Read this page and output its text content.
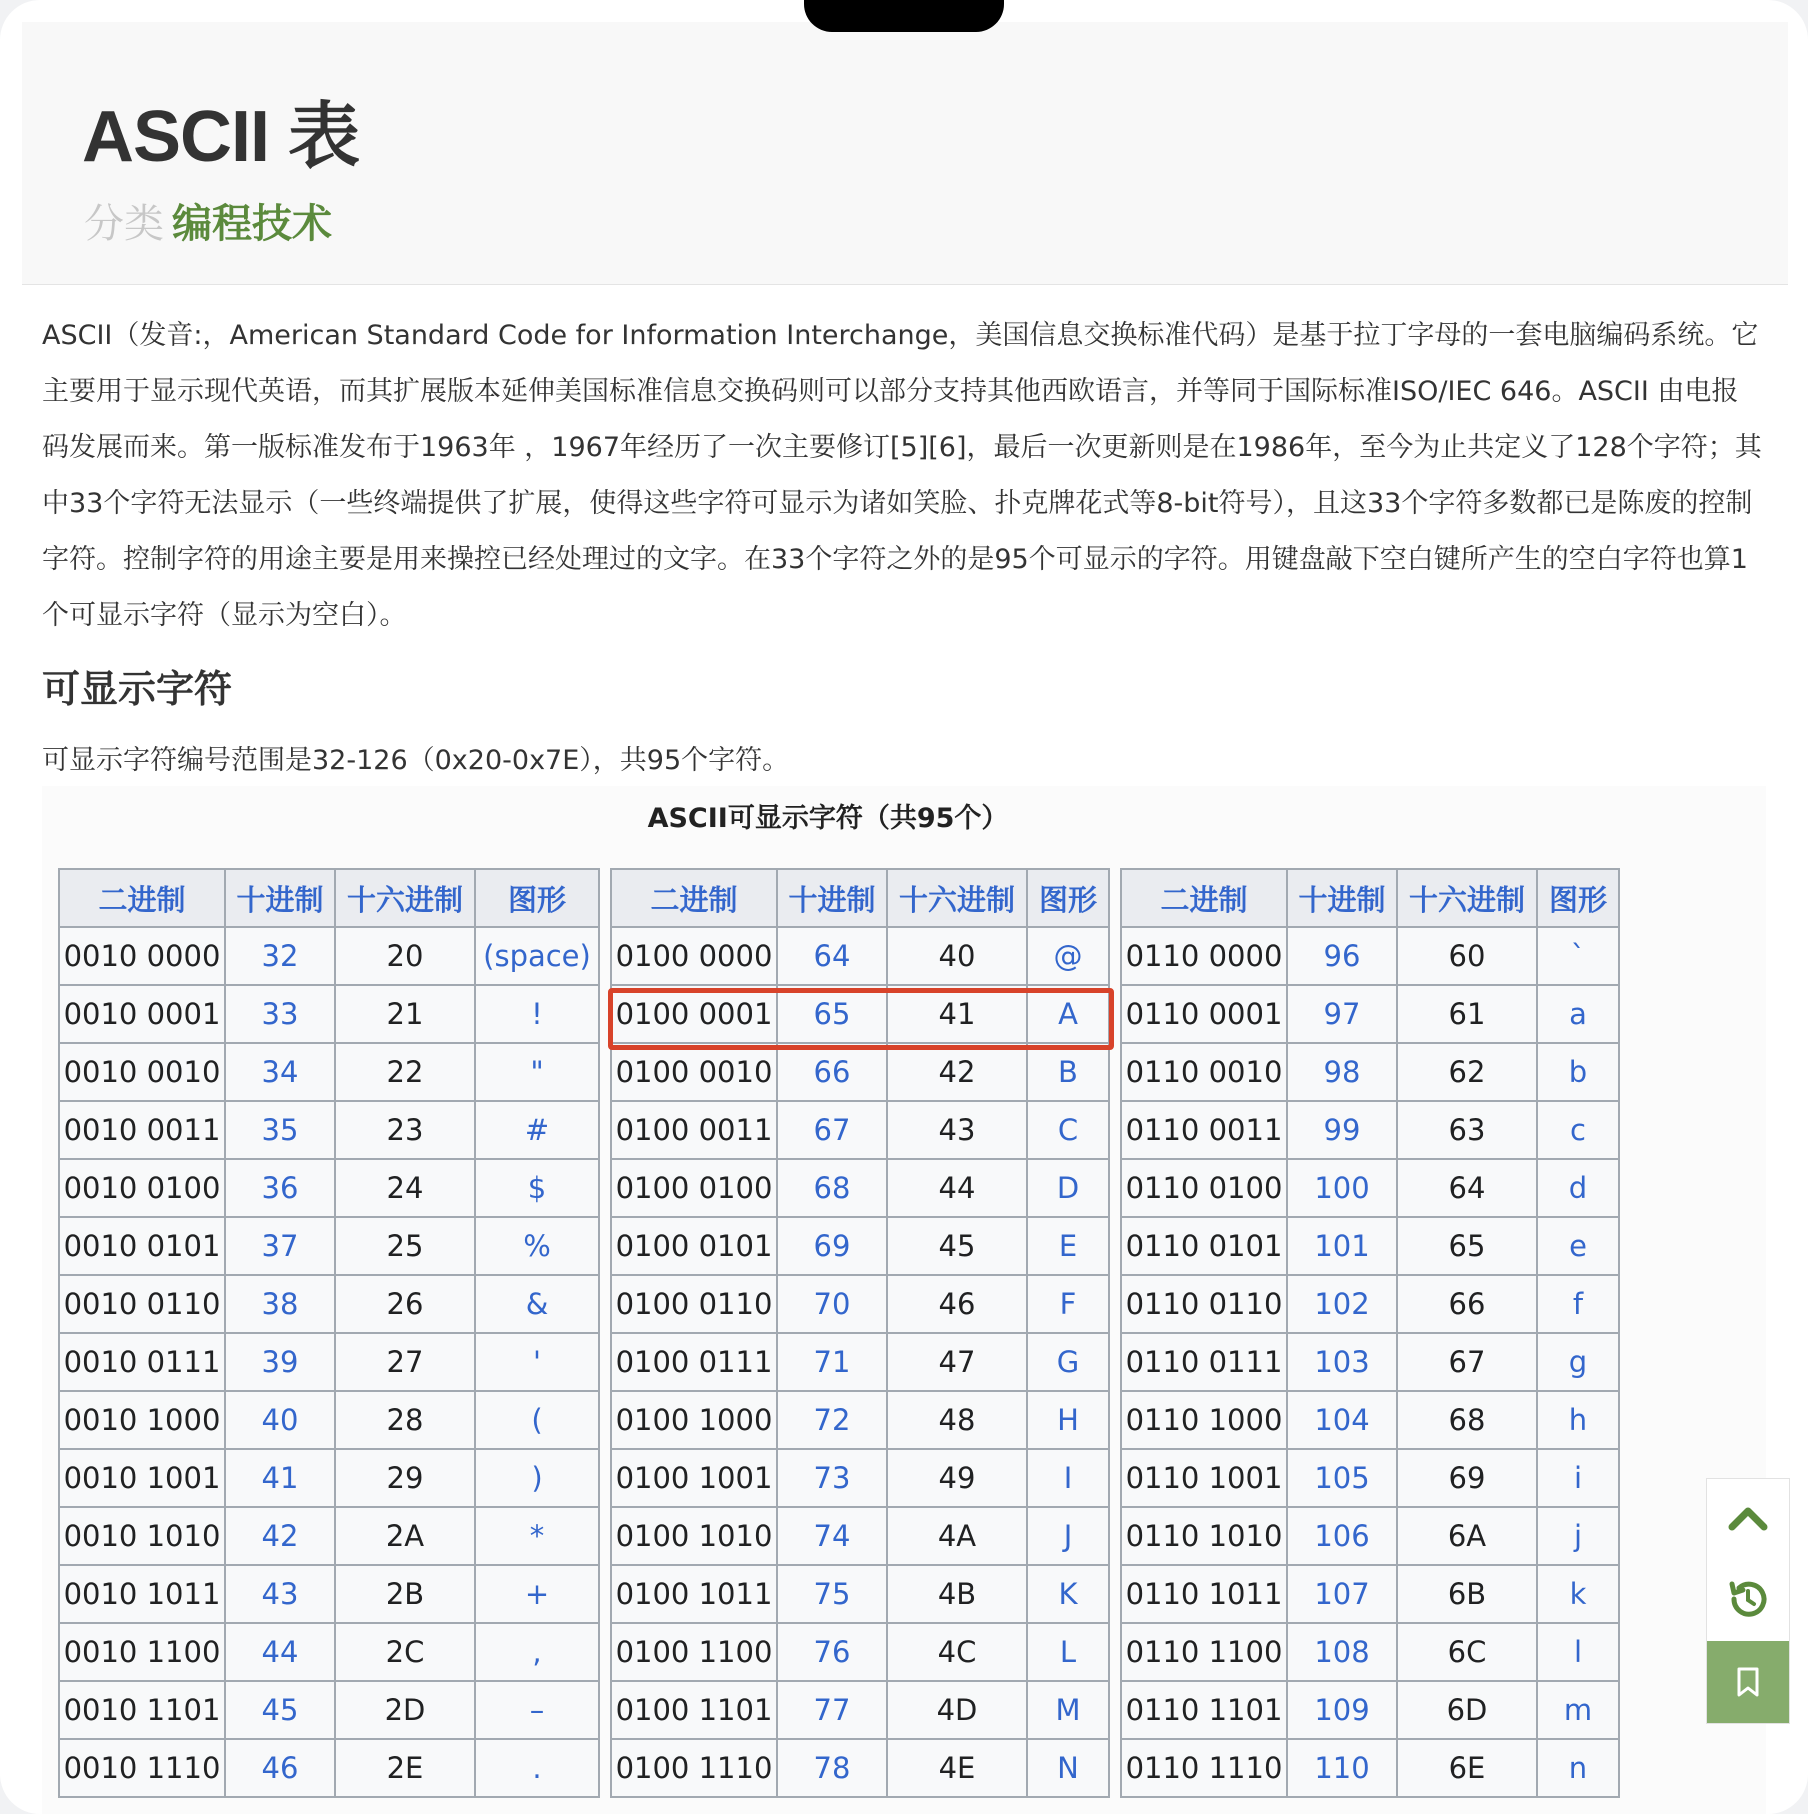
ASCII 表
分类 编程技术

ASCII（发音:，American Standard Code for Information Interchange，美国信息交换标准代码）是基于拉丁字母的一套电脑编码系统。它主要用于显示现代英语，而其扩展版本延伸美国标准信息交换码则可以部分支持其他西欧语言，并等同于国际标准ISO/IEC 646。ASCII 由电报码发展而来。第一版标准发布于1963年 ，1967年经历了一次主要修订[5][6]，最后一次更新则是在1986年，至今为止共定义了128个字符；其中33个字符无法显示（一些终端提供了扩展，使得这些字符可显示为诸如笑脸、扑克牌花式等8-bit符号），且这33个字符多数都已是陈废的控制字符。控制字符的用途主要是用来操控已经处理过的文字。在33个字符之外的是95个可显示的字符。用键盘敲下空白键所产生的空白字符也算1个可显示字符（显示为空白）。

可显示字符

可显示字符编号范围是32-126（0x20-0x7E），共95个字符。

ASCII可显示字符（共95个）
二进制	十进制	十六进制	图形
0010 0000	32	20	(space)
0010 0001	33	21	!
0010 0010	34	22	"
0010 0011	35	23	#
0010 0100	36	24	$
0010 0101	37	25	%
0010 0110	38	26	&
0010 0111	39	27	'
0010 1000	40	28	(
0010 1001	41	29	)
0010 1010	42	2A	*
0010 1011	43	2B	+
0010 1100	44	2C	,
0010 1101	45	2D	–
0010 1110	46	2E	.
二进制	十进制	十六进制	图形
0100 0000	64	40	@
0100 0001	65	41	A
0100 0010	66	42	B
0100 0011	67	43	C
0100 0100	68	44	D
0100 0101	69	45	E
0100 0110	70	46	F
0100 0111	71	47	G
0100 1000	72	48	H
0100 1001	73	49	I
0100 1010	74	4A	J
0100 1011	75	4B	K
0100 1100	76	4C	L
0100 1101	77	4D	M
0100 1110	78	4E	N
二进制	十进制	十六进制	图形
0110 0000	96	60	`
0110 0001	97	61	a
0110 0010	98	62	b
0110 0011	99	63	c
0110 0100	100	64	d
0110 0101	101	65	e
0110 0110	102	66	f
0110 0111	103	67	g
0110 1000	104	68	h
0110 1001	105	69	i
0110 1010	106	6A	j
0110 1011	107	6B	k
0110 1100	108	6C	l
0110 1101	109	6D	m
0110 1110	110	6E	n
